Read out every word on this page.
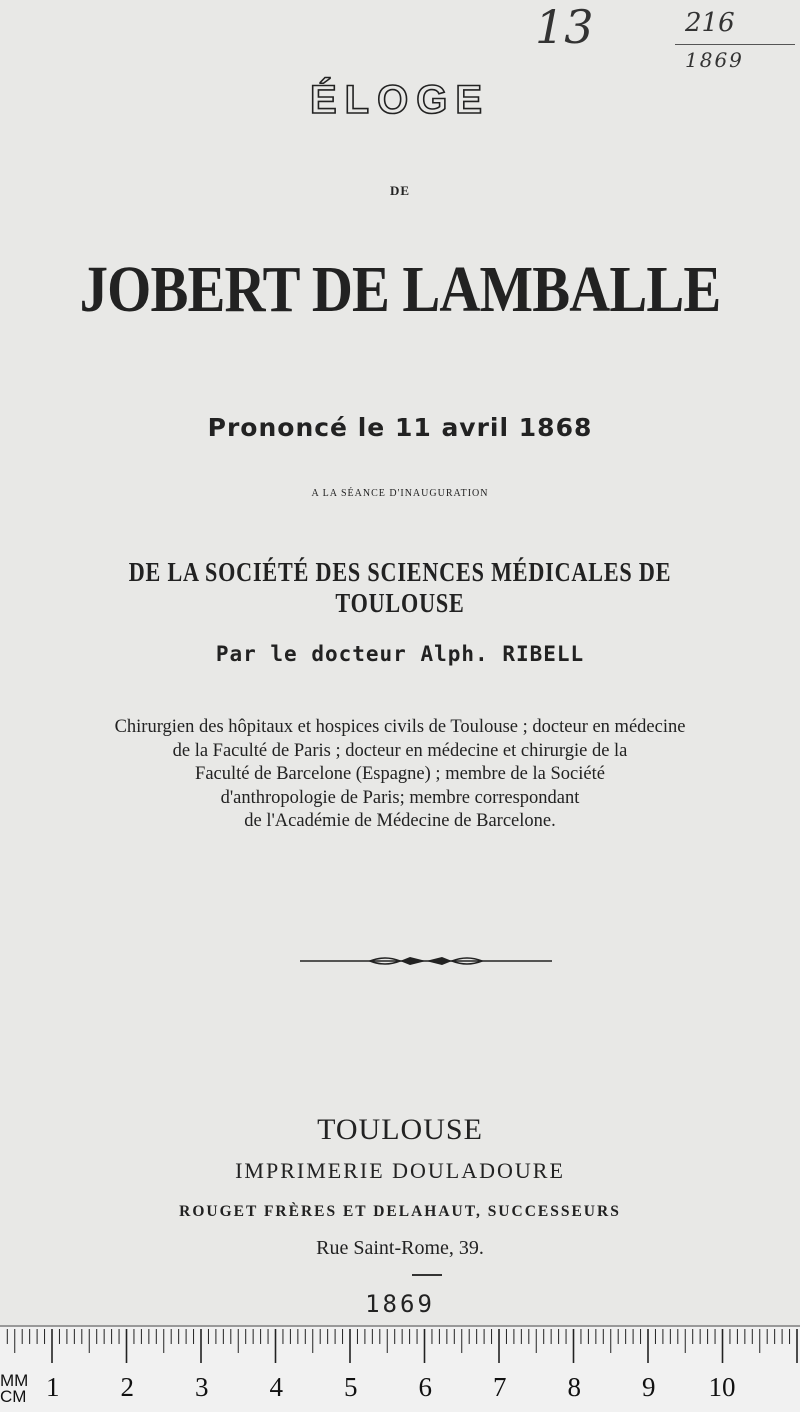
13	216
1869
ÉLOGE
DE
JOBERT DE LAMBALLE
Prononcé le 11 avril 1868
A LA SÉANCE D'INAUGURATION
DE LA SOCIÉTÉ DES SCIENCES MÉDICALES DE TOULOUSE
Par le docteur Alph. RIBELL
Chirurgien des hôpitaux et hospices civils de Toulouse ; docteur en médecine
de la Faculté de Paris ; docteur en médecine et chirurgie de la
Faculté de Barcelone (Espagne) ; membre de la Société
d'anthropologie de Paris; membre correspondant
de l'Académie de Médecine de Barcelone.
TOULOUSE
IMPRIMERIE DOULADOURE
ROUGET FRÈRES ET DELAHAUT, SUCCESSEURS
Rue Saint-Rome, 39.
1869
MM
CM 1 2 3 4 5 6 7 8 9 10
